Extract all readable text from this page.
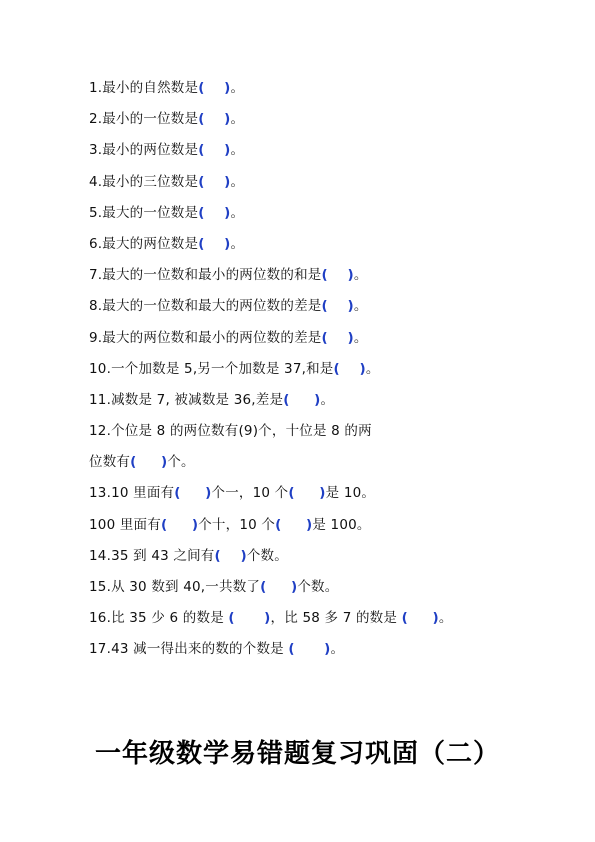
1.最小的自然数是(    )。
2.最小的一位数是(    )。
3.最小的两位数是(    )。
4.最小的三位数是(    )。
5.最大的一位数是(    )。
6.最大的两位数是(    )。
7.最大的一位数和最小的两位数的和是(    )。
8.最大的一位数和最大的两位数的差是(    )。
9.最大的两位数和最小的两位数的差是(    )。
10.一个加数是 5,另一个加数是 37,和是(    )。
11.减数是 7, 被减数是 36,差是(     )。
12.个位是 8 的两位数有(9)个，十位是 8 的两
位数有(     )个。
13.10 里面有(     )个一，10 个(     )是 10。
100 里面有(     )个十，10 个(     )是 100。
14.35 到 43 之间有(    )个数。
15.从 30 数到 40,一共数了(     )个数。
16.比 35 少 6 的数是 (      )，比 58 多 7 的数是 (     )。
17.43 减一得出来的数的个数是 (      )。
一年级数学易错题复习巩固（二）
